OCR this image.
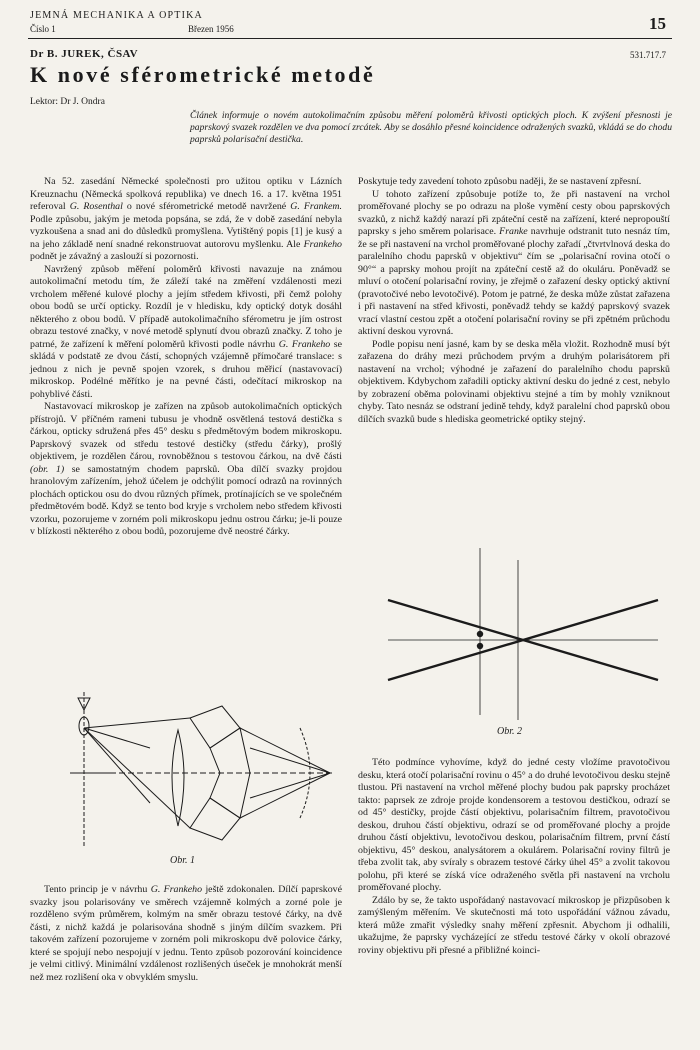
JEMNÁ MECHANIKA A OPTIKA
Číslo 1	Březen 1956	15
Dr B. JUREK, ČSAV	531.717.7
K nové sférometrické metodě
Lektor: Dr J. Ondra

Článek informuje o novém autokolimačním způsobu měření poloměrů křivosti optických ploch. K zvýšení přesnosti je paprskový svazek rozdělen ve dva pomocí zrcátek. Aby se dosáhlo přesné koincidence odražených svazků, vkládá se do chodu paprsků polarisační destička.

Na 52. zasedání Německé společnosti pro užitou optiku v Lázních Kreuznachu (Německá spolková republika) ve dnech 16. a 17. května 1951 referoval G. Rosenthal o nové sférometrické metodě navržené G. Frankem. Podle způsobu, jakým je metoda popsána, se zdá, že v době zasedání nebyla vyzkoušena a snad ani do důsledků promyšlena. Vytištěný popis [1] je kusý a na jeho základě není snadné rekonstruovat autorovu myšlenku. Ale Frankeho podnět je závažný a zaslouží si pozornosti.

Navržený způsob měření poloměrů křivosti navazuje na známou autokolimační metodu tím, že záleží také na změření vzdálenosti mezi vrcholem měřené kulové plochy a jejím středem křivosti, při čemž polohy obou bodů se určí opticky. Rozdíl je v hledisku, kdy optický dotyk dosáhl některého z obou bodů. V případě autokolimačního sférometru je jím ostrost obrazu testové značky, v nové metodě splynutí dvou obrazů značky. Z toho je patrné, že zařízení k měření poloměrů křivosti podle návrhu G. Frankeho se skládá v podstatě ze dvou částí, schopných vzájemně přímočaré translace: s jednou z nich je pevně spojen vzorek, s druhou měřicí (nastavovací) mikroskop. Podélné měřítko je na pevné části, odečítací mikroskop na pohyblivé části.

Nastavovací mikroskop je zařízen na způsob autokolimačních optických přístrojů. V příčném rameni tubusu je vhodně osvětlená testová destička s čárkou, opticky sdružená přes 45° desku s předmětovým bodem mikroskopu. Paprskový svazek od středu testové destičky (středu čárky), prošlý objektivem, je rozdělen čárou, rovnoběžnou s testovou čárkou, na dvě části (obr. 1) se samostatným chodem paprsků. Oba dílčí svazky projdou hranolovým zařízením, jehož účelem je odchýlit pomocí odrazů na rovinných plochách optickou osu do dvou různých přímek, protínajících se ve společném předmětovém bodě. Když se tento bod kryje s vrcholem nebo středem křivosti vzorku, pozorujeme v zorném poli mikroskopu jednu ostrou čárku; je-li pouze v blízkosti některého z obou bodů, pozorujeme dvě neostré čárky.

Obr. 1

Tento princip je v návrhu G. Frankeho ještě zdokonalen. Dílčí paprskové svazky jsou polarisovány ve směrech vzájemně kolmých a zorné pole je rozděleno svým průměrem, kolmým na směr obrazu testové čárky, na dvě části, z nichž každá je polarisována shodně s jiným dílčím svazkem. Při takovém zařízení pozorujeme v zorném poli mikroskopu dvě polovice čárky, které se spojují nebo nespojují v jednu. Tento způsob pozorování koincidence je velmi citlivý. Minimální vzdálenost rozlišených úseček je mnohokrát menší než mez rozlišení oka v obvyklém smyslu.

Poskytuje tedy zavedení tohoto způsobu naději, že se nastavení zpřesní.

U tohoto zařízení způsobuje potíže to, že při nastavení na vrchol proměřované plochy se po odrazu na ploše vymění cesty obou paprskových svazků, z nichž každý narazí při zpáteční cestě na zařízení, které nepropouští paprsky s jeho směrem polarisace. Franke navrhuje odstranit tuto nesnáz tím, že se při nastavení na vrchol proměřované plochy zařadí „čtvrtvlnová deska do paralelního chodu paprsků v objektivu“ čím se „polarisační rovina otočí o 90°“ a paprsky mohou projít na zpáteční cestě až do okuláru. Poněvadž se mluví o otočení polarisační roviny, je zřejmě o zařazení desky optický aktivní (pravotočivé nebo levotočivé). Potom je patrné, že deska může zůstat zařazena i při nastavení na střed křivosti, poněvadž tehdy se každý paprskový svazek vrací vlastní cestou zpět a otočení polarisační roviny se při zpětném průchodu aktivní deskou vyrovná.

Podle popisu není jasné, kam by se deska měla vložit. Rozhodně musí být zařazena do dráhy mezi průchodem prvým a druhým polarisátorem při nastavení na vrchol; výhodné je zařazení do paralelního chodu paprsků objektivem. Kdybychom zařadili opticky aktivní desku do jedné z cest, nebylo by zobrazení oběma polovinami objektivu stejné a tím by mohly vzniknout chyby. Tato nesnáz se odstraní jedině tehdy, když paralelní chod paprsků obou dílčích svazků bude s hlediska geometrické optiky stejný.

Obr. 2

Této podmínce vyhovíme, když do jedné cesty vložíme pravotočivou desku, která otočí polarisační rovinu o 45° a do druhé levotočivou desku stejně tlustou. Při nastavení na vrchol měřené plochy budou pak paprsky procházet takto: paprsek ze zdroje projde kondensorem a testovou destičkou, odrazí se od 45° destičky, projde částí objektivu, polarisačním filtrem, pravotočivou deskou, druhou částí objektivu, odrazí se od proměřované plochy a projde druhou částí objektivu, levotočivou deskou, polarisačním filtrem, první částí objektivu, 45° deskou, analysátorem a okulárem. Polarisační roviny filtrů je třeba zvolit tak, aby svíraly s obrazem testové čárky úhel 45° a zvolit takovou polohu, při které se získá více odraženého světla při nastavení na vrcholu proměřované plochy.

Zdálo by se, že takto uspořádaný nastavovací mikroskop je přizpůsoben k zamýšleným měřením. Ve skutečnosti má toto uspořádání vážnou závadu, která může zmařit výsledky snahy měření zpřesnit. Abychom ji odhalili, ukažujme, že paprsky vycházející ze středu testové čárky v okolí obrazové roviny objektivu při přesné a přibližné koinci-
